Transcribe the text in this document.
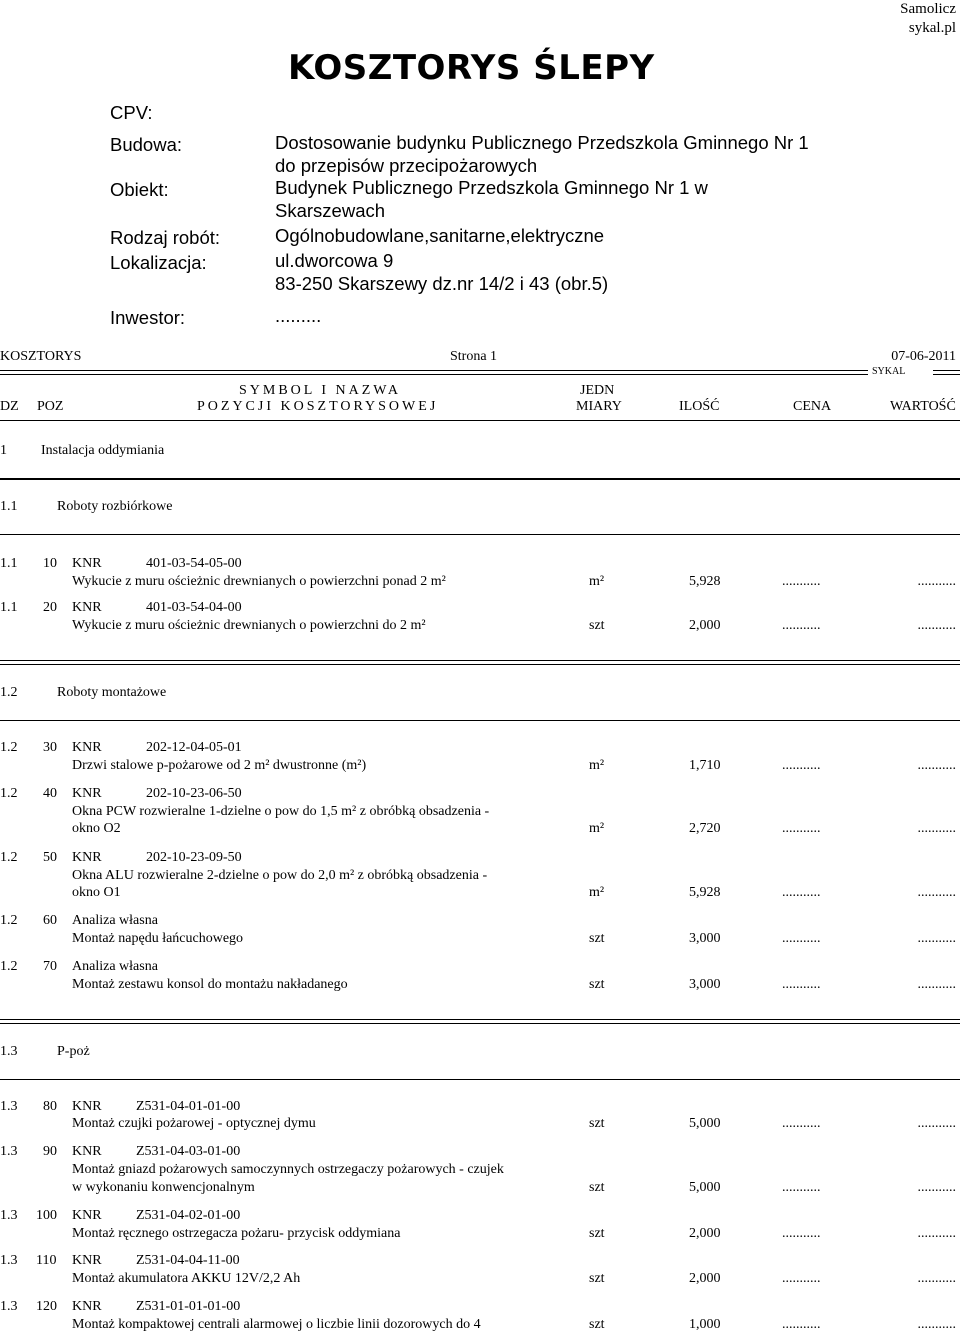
Samolicz
sykal.pl
KOSZTORYS ŚLEPY
CPV:
Budowa:	Dostosowanie budynku Publicznego Przedszkola Gminnego Nr 1
do przepisów przecipożarowych
Obiekt:	Budynek Publicznego Przedszkola Gminnego Nr 1 w
Skarszewach
Rodzaj robót:	Ogólnobudowlane,sanitarne,elektryczne
Lokalizacja:	ul.dworcowa 9
83-250 Skarszewy dz.nr 14/2 i 43 (obr.5)
Inwestor:	.........
KOSZTORYS	Strona 1	07-06-2011
SYKAL
DZ POZ
SYMBOL I NAZWA
POZYCJI KOSZTORYSOWEJ
JEDN
MIARY	ILOŚĆ	CENA	WARTOŚĆ
1 Instalacja oddymiania
1.1	Roboty rozbiórkowe
1.1 10 KNR	401-03-54-05-00
Wykucie z muru ościeżnic drewnianych o powierzchni ponad 2 m²	m²	5,928	...........	...........
1.1 20 KNR	401-03-54-04-00
Wykucie z muru ościeżnic drewnianych o powierzchni do 2 m²	szt	2,000	...........	...........
1.2	Roboty montażowe
1.2 30 KNR	202-12-04-05-01
Drzwi stalowe p-pożarowe od 2 m² dwustronne (m²)	m²	1,710	...........	...........
1.2 40 KNR	202-10-23-06-50
Okna PCW rozwieralne 1-dzielne o pow do 1,5 m² z obróbką obsadzenia -
okno O2	m²	2,720	...........	...........
1.2 50 KNR	202-10-23-09-50
Okna ALU rozwieralne 2-dzielne o pow do 2,0 m² z obróbką obsadzenia -
okno O1	m²	5,928	...........	...........
1.2 60 Analiza własna
Montaż napędu łańcuchowego	szt	3,000	...........	...........
1.2 70 Analiza własna
Montaż zestawu konsol do montażu nakładanego	szt	3,000	...........	...........
1.3	P-poż
1.3 80 KNR Z531-04-01-01-00
Montaż czujki pożarowej - optycznej dymu	szt	5,000	...........	...........
1.3 90 KNR Z531-04-03-01-00
Montaż gniazd pożarowych samoczynnych ostrzegaczy pożarowych - czujek
w wykonaniu konwencjonalnym	szt	5,000	...........	...........
1.3 100 KNR Z531-04-02-01-00
Montaż ręcznego ostrzegacza pożaru- przycisk oddymiana	szt	2,000	...........	...........
1.3 110 KNR Z531-04-04-11-00
Montaż akumulatora AKKU 12V/2,2 Ah	szt	2,000	...........	...........
1.3 120 KNR Z531-01-01-01-00
Montaż kompaktowej centrali alarmowej o liczbie linii dozorowych do 4	szt	1,000	...........	...........
